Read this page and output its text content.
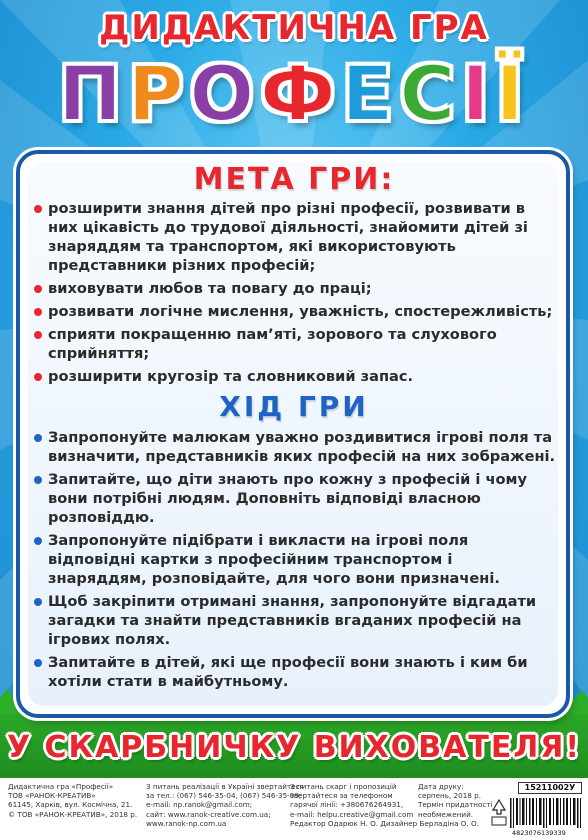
ДИДАКТИЧНА ГРА
ПРОФЕСІЇ
МЕТА ГРИ:
розширити знання дітей про різні професії, розвивати в них цікавість до трудової діяльності, знайомити дітей зі знаряддям та транспортом, які використовують представники різних професій;
виховувати любов та повагу до праці;
розвивати логічне мислення, уважність, спостережливість;
сприяти покращенню пам’яті, зорового та слухового сприйняття;
розширити кругозір та словниковий запас.
ХІД ГРИ
Запропонуйте малюкам уважно роздивитися ігрові поля та визначити, представників яких професій на них зображені.
Запитайте, що діти знають про кожну з професій і чому вони потрібні людям. Доповніть відповіді власною розповіддю.
Запропонуйте підібрати і викласти на ігрові поля відповідні картки з професійним транспортом і знаряддям, розповідайте, для чого вони призначені.
Щоб закріпити отримані знання, запропонуйте відгадати загадки та знайти представників вгаданих професій на ігрових полях.
Запитайте в дітей, які ще професії вони знають і ким би хотіли стати в майбутньому.
У СКАРБНИЧКУ ВИХОВАТЕЛЯ!
Дидактична гра «Професії»
ТОВ «РАНОК-КРЕАТИВ»
61145, Харків, вул. Космічна, 21.
© ТОВ «РАНОК-КРЕАТИВ», 2018 р.
З питань реалізації в Україні звертайтеся
за тел.: (067) 546-35-04, (067) 546-35-09;
e-mail: np.ranok@gmail.com;
сайт: www.ranok-creative.com.ua;
www.ranok-np.com.ua
З питань скарг і пропозицій
звертайтеся за телефоном
гарячої лінії: +380676264931,
e-mail: helpu.creative@gmail.com
Редактор Одарюк Н. О. Дизайнер Берладіна О. О.
Дата друку:
серпень, 2018 р.
Термін придатності
необмежений.
15211002У
4823076139339
